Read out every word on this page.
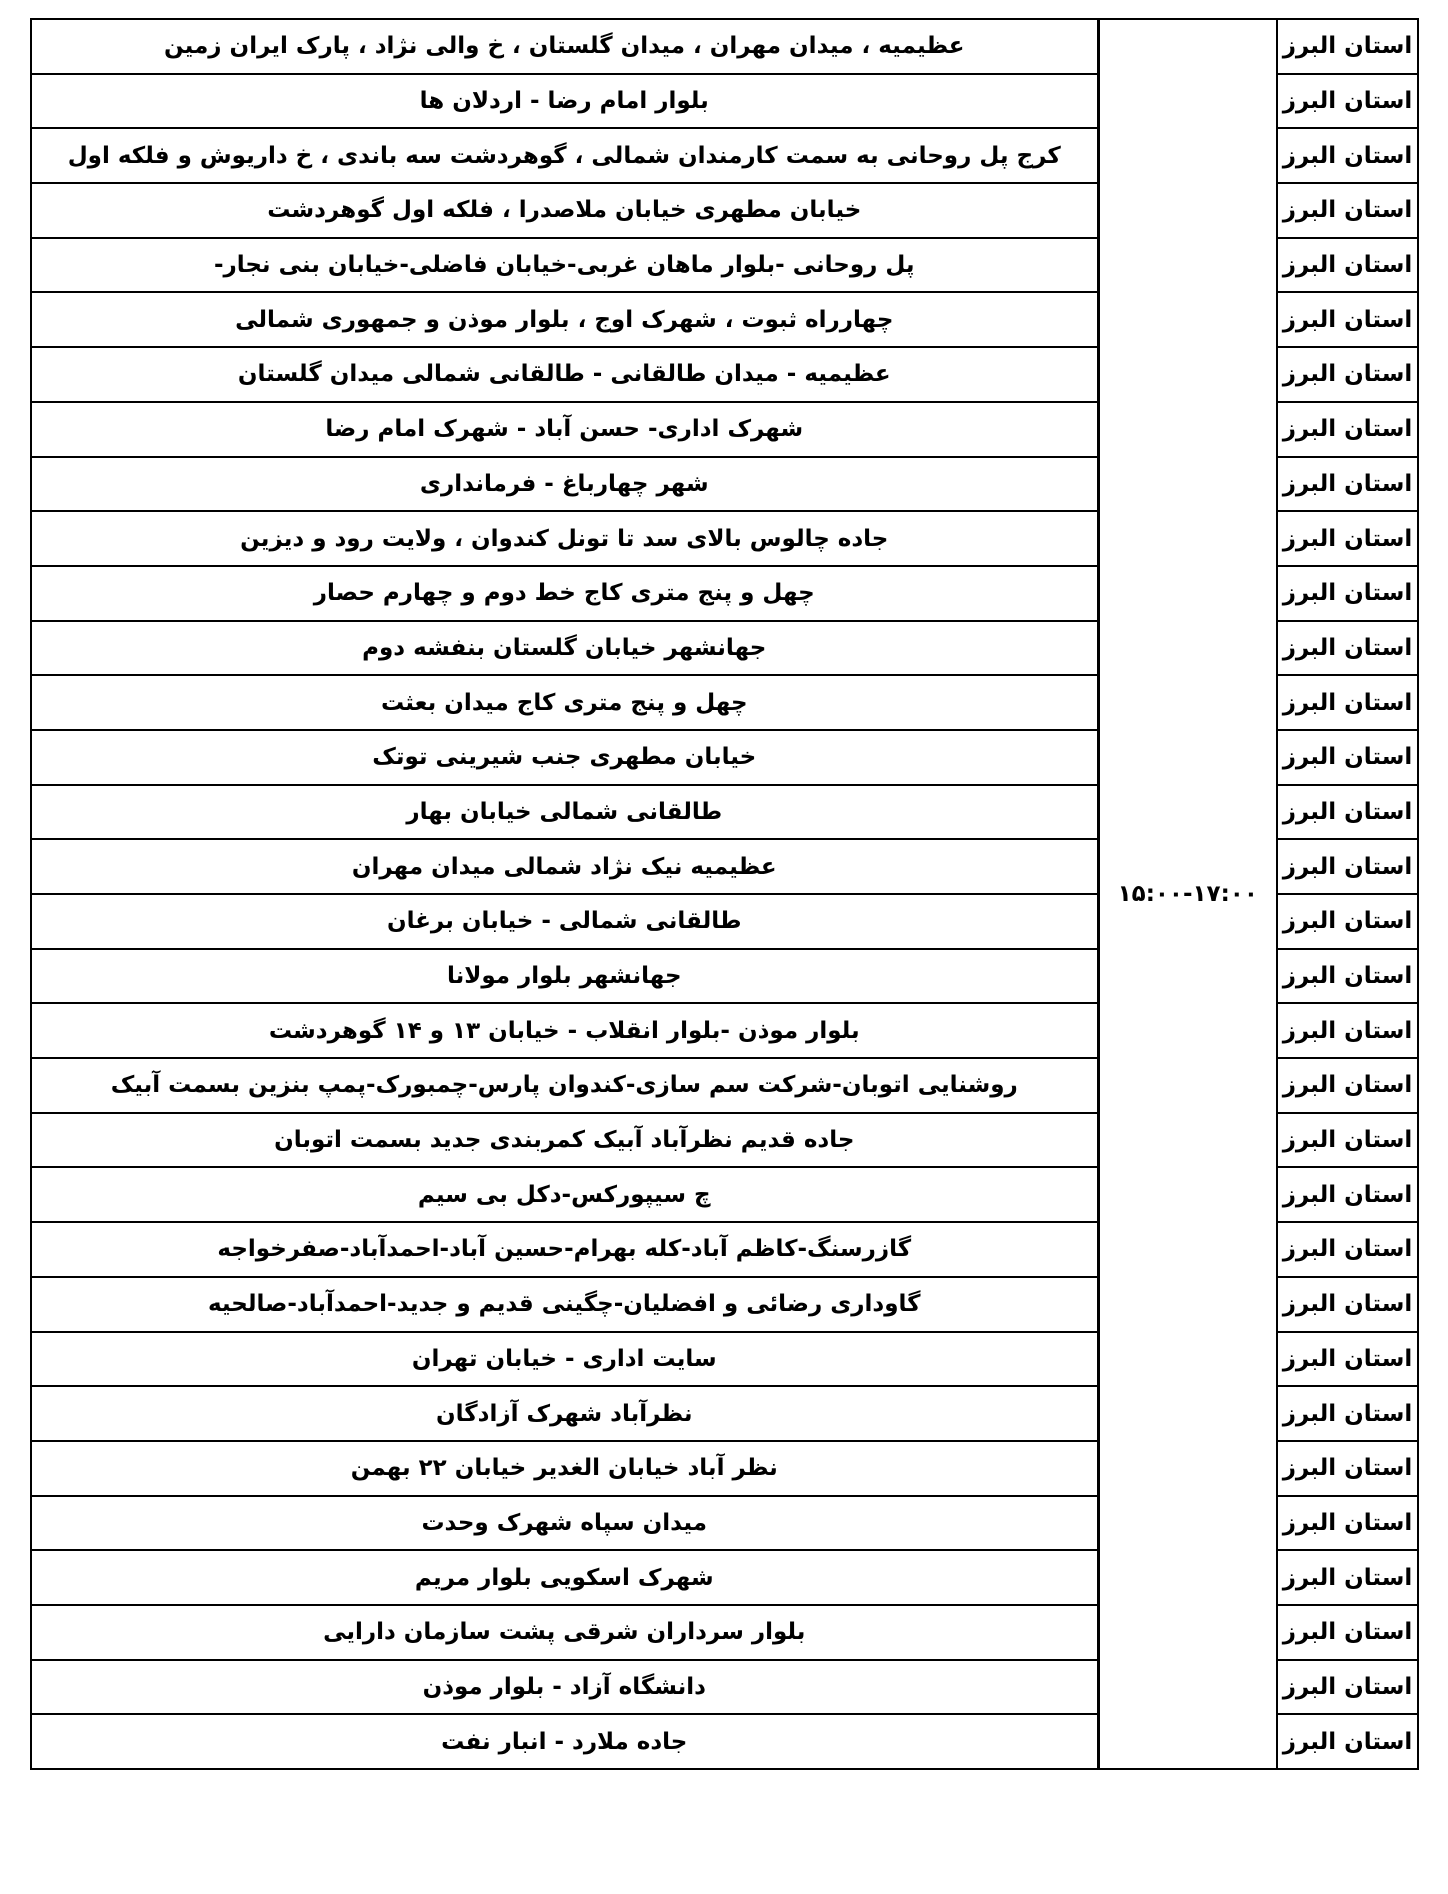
استان البرز	۱۵:۰۰-۱۷:۰۰	عظیمیه ، میدان مهران ، میدان گلستان ، خ والی نژاد ، پارک ایران زمین
استان البرز		بلوار امام رضا - اردلان ها
استان البرز		کرج پل روحانی به سمت کارمندان شمالی ، گوهردشت سه باندی ، خ داریوش و فلکه اول
استان البرز		خیابان مطهری خیابان ملاصدرا ، فلکه اول گوهردشت
استان البرز		پل روحانی -بلوار ماهان غربی-خیابان فاضلی-خیابان بنی نجار-
استان البرز		چهارراه ثبوت ، شهرک اوج ، بلوار موذن و جمهوری شمالی
استان البرز		عظیمیه - میدان طالقانی - طالقانی شمالی میدان گلستان
استان البرز		شهرک اداری- حسن آباد - شهرک امام رضا
استان البرز		شهر چهارباغ - فرمانداری
استان البرز		جاده چالوس بالای سد تا تونل کندوان ، ولایت رود و دیزین
استان البرز		چهل و پنج متری کاج خط دوم و چهارم حصار
استان البرز		جهانشهر خیابان گلستان بنفشه دوم
استان البرز		چهل و پنج متری کاج میدان بعثت
استان البرز		خیابان مطهری جنب شیرینی توتک
استان البرز		طالقانی شمالی خیابان بهار
استان البرز		عظیمیه نیک نژاد شمالی میدان مهران
استان البرز		طالقانی شمالی - خیابان برغان
استان البرز		جهانشهر بلوار مولانا
استان البرز		بلوار موذن -بلوار انقلاب - خیابان ۱۳ و ۱۴ گوهردشت
استان البرز		روشنایی اتوبان-شرکت سم سازی-کندوان پارس-چمبورک-پمپ بنزین بسمت آبیک
استان البرز		جاده قدیم نظرآباد آبیک کمربندی جدید بسمت اتوبان
استان البرز		چ سیپورکس-دکل بی سیم
استان البرز		گازرسنگ-کاظم آباد-کله بهرام-حسین آباد-احمدآباد-صفرخواجه
استان البرز		گاوداری رضائی و افضلیان-چگینی قدیم و جدید-احمدآباد-صالحیه
استان البرز		سایت اداری - خیابان تهران
استان البرز		نظرآباد شهرک آزادگان
استان البرز		نظر آباد خیابان الغدیر خیابان ۲۲ بهمن
استان البرز		میدان سپاه شهرک وحدت
استان البرز		شهرک اسکویی بلوار مریم
استان البرز		بلوار سرداران شرقی پشت سازمان دارایی
استان البرز		دانشگاه آزاد - بلوار موذن
استان البرز		جاده ملارد - انبار نفت
